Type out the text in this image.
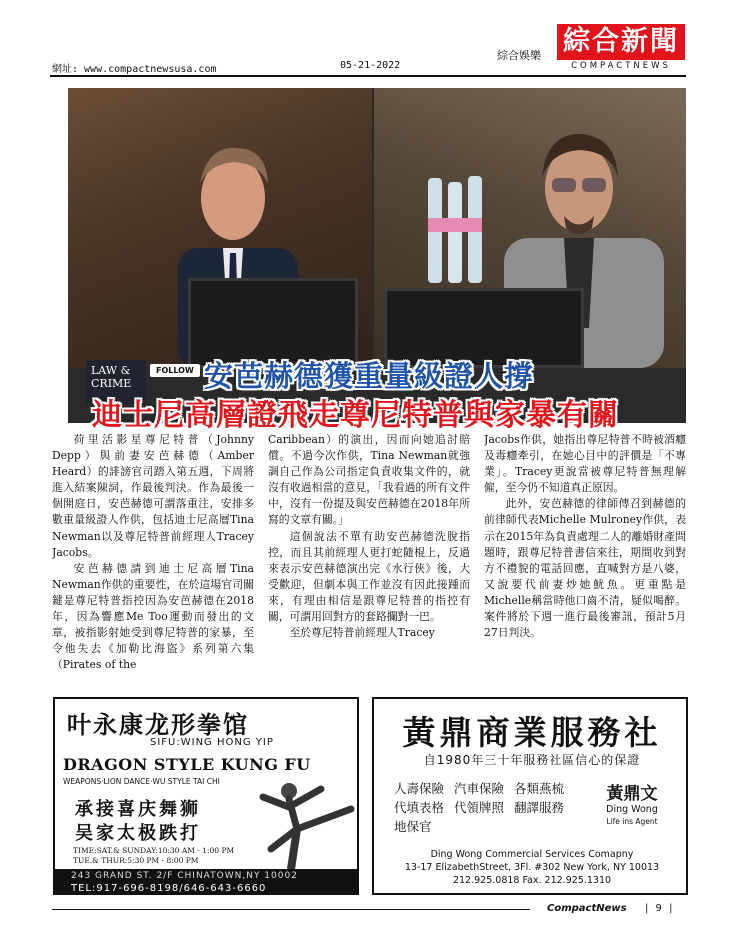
網址: www.compactnewsusa.com	05-21-2022
綜合娛樂 綜合新聞
COMPACTNEWS
LAW & CRIME
FOLLOW 安芭赫德獲重量級證人撐
迪士尼高層證飛走尊尼特普與家暴有關

荷里活影星尊尼特普（Johnny Depp）與前妻安芭赫德（Amber Heard）的誹謗官司踏入第五週，下周將進入結案陳詞，作最後判決。作為最後一個開庭日，安芭赫德可謂落重注，安排多數重量級證人作供，包括迪士尼高層Tina Newman以及尊尼特普前經理人Tracey Jacobs。

安芭赫德請到迪士尼高層Tina Newman作供的重要性，在於這場官司關鍵是尊尼特普指控因為安芭赫德在2018年，因為響應Me Too運動而發出的文章，被指影射她受到尊尼特普的家暴，至令他失去《加勒比海盜》系列第六集（Pirates of the

Caribbean）的演出，因而向她追討賠償。不過今次作供，Tina Newman就強調自己作為公司指定負責收集文件的，就沒有收過相當的意見，「我看過的所有文件中，沒有一份提及與安芭赫德在2018年所寫的文章有關。」

這個說法不單有助安芭赫德洗脫指控，而且其前經理人更打蛇隨棍上，反過來表示安芭赫德演出完《水行俠》後，大受歡迎，但劇本與工作並沒有因此接踵而來，有理由相信是跟尊尼特普的指控有關，可謂用回對方的套路攔對一巴。

至於尊尼特普前經理人Tracey

Jacobs作供，她指出尊尼特普不時被酒癮及毒癮牽引，在她心目中的評價是「不專業」。Tracey更說當被尊尼特普無理解僱，至今仍不知道真正原因。

此外，安芭赫德的律師傳召到赫德的前律師代表Michelle Mulroney作供，表示在2015年為負責處理二人的離婚財產問題時，跟尊尼特普書信來往，期間收到對方不禮貌的電話回應，直喊對方是八婆，又說要代前妻炒她魷魚。更重點是Michelle稱當時他口齒不清，疑似喝醉。案件將於下週一進行最後審訊，預計5月27日判決。

叶永康龙形拳馆
SIFU:WING HONG YIP
DRAGON STYLE KUNG FU
WEAPONS·LION DANCE·WU STYLE TAI CHI
承接喜庆舞狮
吴家太极跌打
TIME:SAT.& SUNDAY:10:30 AM - 1:00 PM
TUE.& THUR:5:30 PM - 8:00 PM
243 GRAND ST. 2/F CHINATOWN,NY 10002
TEL:917-696-8198/646-643-6660
黃鼎商業服務社
自1980年三十年服務社區信心的保證
人壽保險 汽車保險 各類燕梳
代填表格 代領牌照 翻譯服務
地保官
黃鼎文
Ding Wong
Life ins Agent
Ding Wong Commercial Services Comapny
13-17 ElizabethStreet, 3Fl. #302 New York, NY 10013
212.925.0818 Fax. 212.925.1310
CompactNews | 9 |
